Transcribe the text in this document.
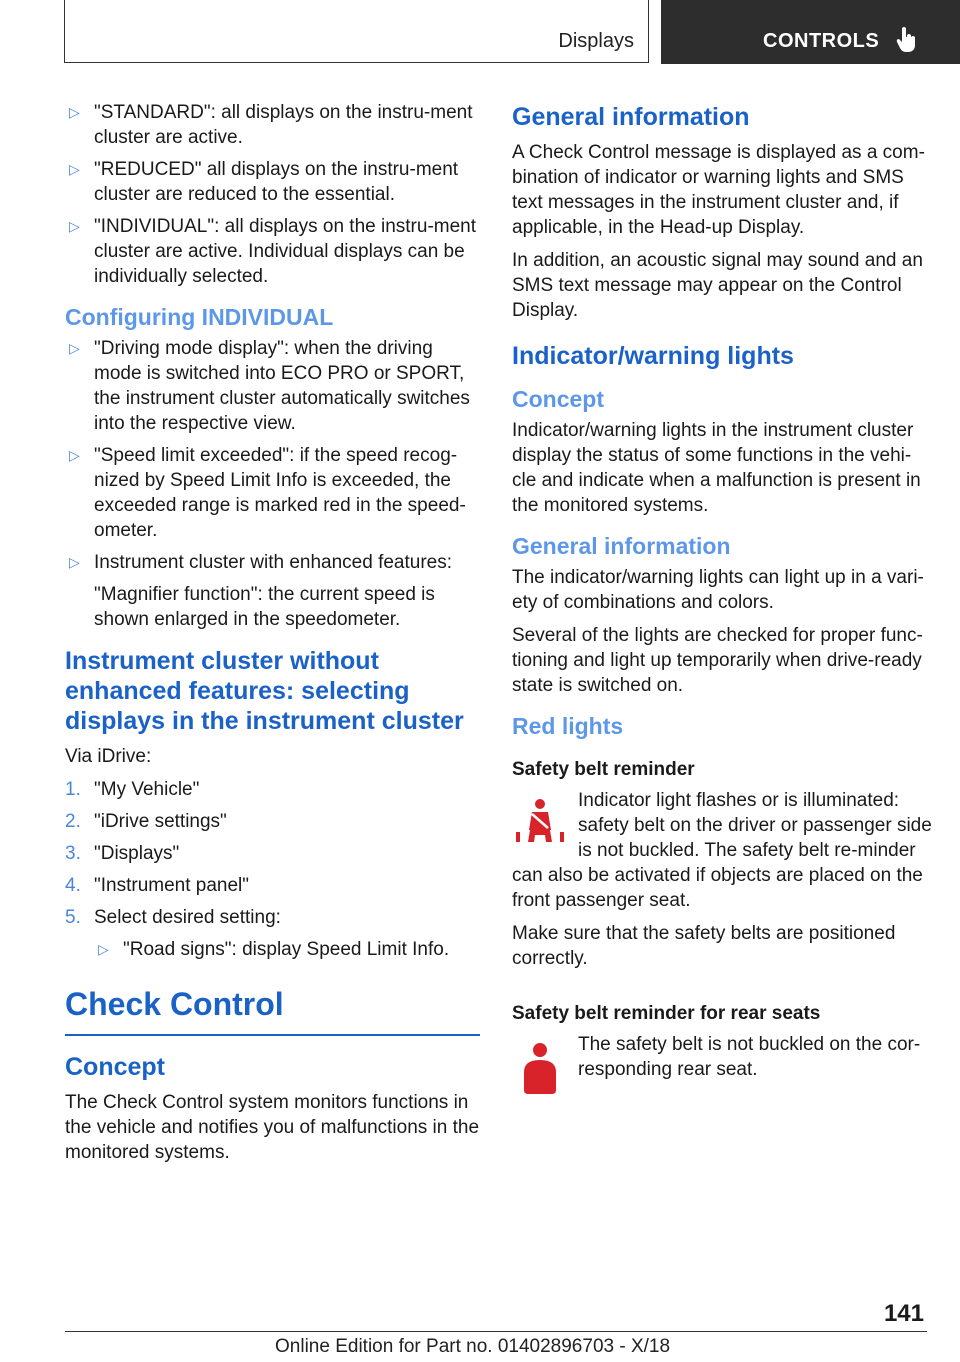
Displays	CONTROLS
▷ "STANDARD": all displays on the instru-ment cluster are active.
▷ "REDUCED" all displays on the instru-ment cluster are reduced to the essential.
▷ "INDIVIDUAL": all displays on the instru-ment cluster are active. Individual displays can be individually selected.
Configuring INDIVIDUAL
▷ "Driving mode display": when the driving mode is switched into ECO PRO or SPORT, the instrument cluster automatically switches into the respective view.
▷ "Speed limit exceeded": if the speed recog-nized by Speed Limit Info is exceeded, the exceeded range is marked red in the speed-ometer.
▷ Instrument cluster with enhanced features:

"Magnifier function": the current speed is shown enlarged in the speedometer.

Instrument cluster without enhanced features: selecting displays in the instrument cluster

Via iDrive:

1. "My Vehicle"
2. "iDrive settings"
3. "Displays"
4. "Instrument panel"
5. Select desired setting:
▷ "Road signs": display Speed Limit Info.
Check Control
Concept

The Check Control system monitors functions in the vehicle and notifies you of malfunctions in the monitored systems.

General information

A Check Control message is displayed as a com-bination of indicator or warning lights and SMS text messages in the instrument cluster and, if applicable, in the Head-up Display.

In addition, an acoustic signal may sound and an SMS text message may appear on the Control Display.

Indicator/warning lights
Concept

Indicator/warning lights in the instrument cluster display the status of some functions in the vehi-cle and indicate when a malfunction is present in the monitored systems.

General information

The indicator/warning lights can light up in a vari-ety of combinations and colors.

Several of the lights are checked for proper func-tioning and light up temporarily when drive-ready state is switched on.

Red lights
Safety belt reminder

Indicator light flashes or is illuminated: safety belt on the driver or passenger side is not buckled. The safety belt re-minder can also be activated if objects are placed on the front passenger seat.

Make sure that the safety belts are positioned correctly.

Safety belt reminder for rear seats

The safety belt is not buckled on the cor-responding rear seat.

141
Online Edition for Part no. 01402896703 - X/18
